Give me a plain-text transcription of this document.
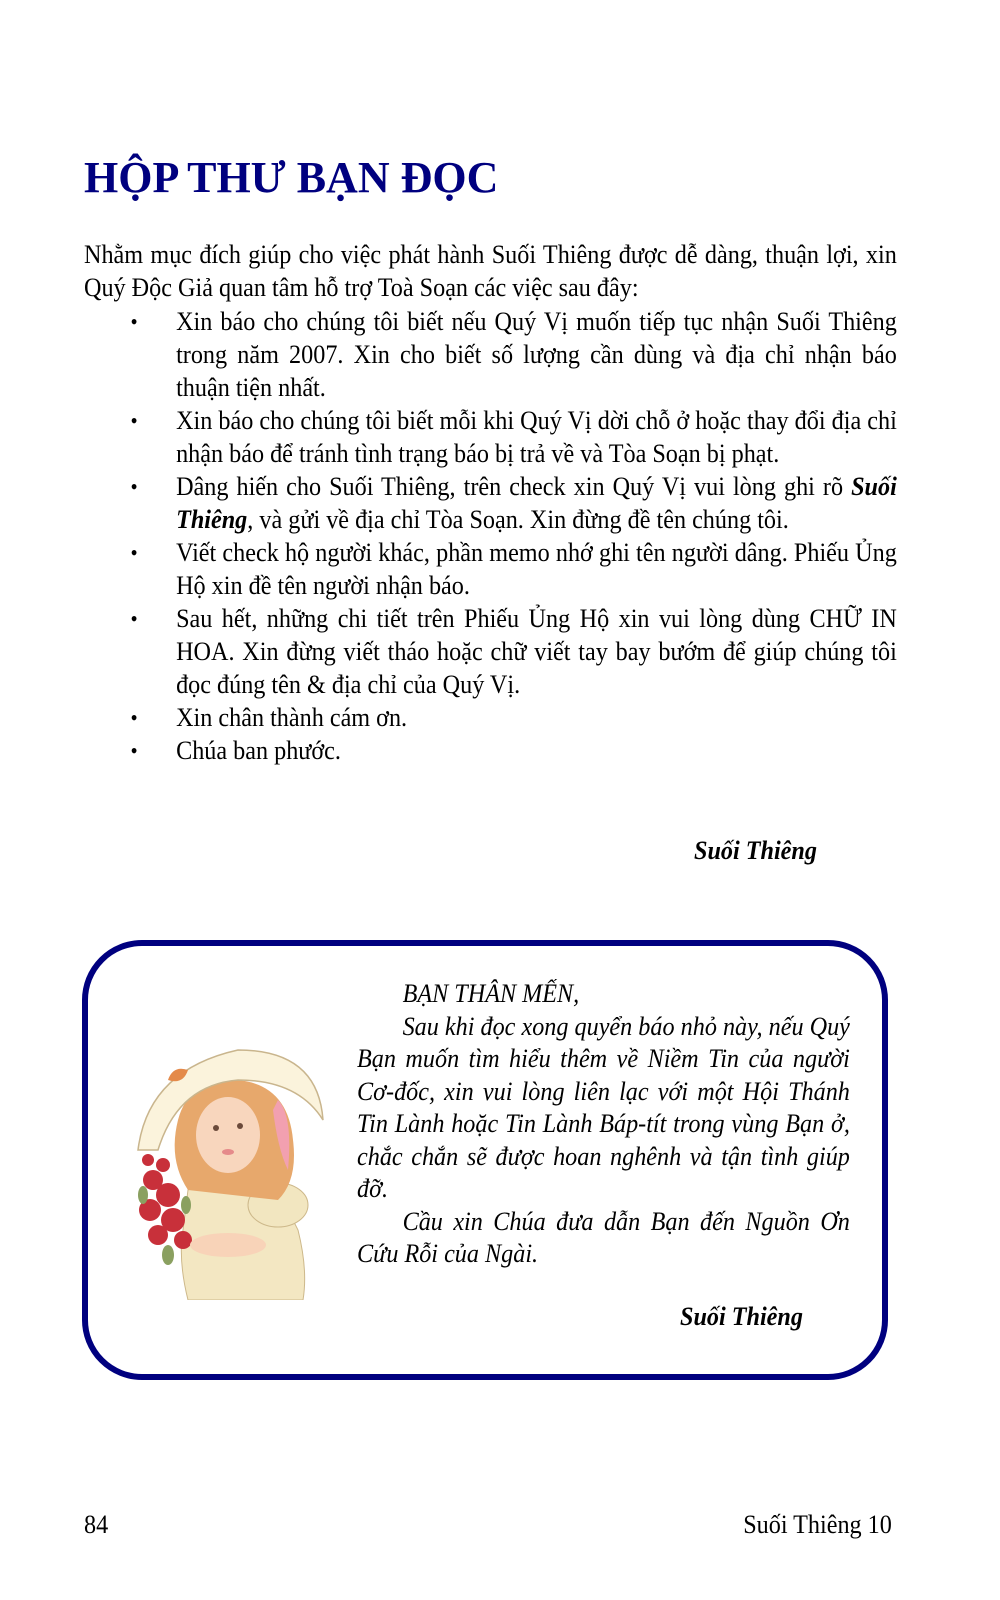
HỘP THƯ BẠN ĐỌC
Nhằm mục đích giúp cho việc phát hành Suối Thiêng được dễ dàng, thuận lợi, xin Quý Độc Giả quan tâm hỗ trợ Toà Soạn các việc sau đây:
• Xin báo cho chúng tôi biết nếu Quý Vị muốn tiếp tục nhận Suối Thiêng trong năm 2007. Xin cho biết số lượng cần dùng và địa chỉ nhận báo thuận tiện nhất.
• Xin báo cho chúng tôi biết mỗi khi Quý Vị dời chỗ ở hoặc thay đổi địa chỉ nhận báo để tránh tình trạng báo bị trả về và Tòa Soạn bị phạt.
• Dâng hiến cho Suối Thiêng, trên check xin Quý Vị vui lòng ghi rõ Suối Thiêng, và gửi về địa chỉ Tòa Soạn. Xin đừng đề tên chúng tôi.
• Viết check hộ người khác, phần memo nhớ ghi tên người dâng. Phiếu Ủng Hộ xin đề tên người nhận báo.
• Sau hết, những chi tiết trên Phiếu Ủng Hộ xin vui lòng dùng CHỮ IN HOA. Xin đừng viết tháo hoặc chữ viết tay bay bướm để giúp chúng tôi đọc đúng tên & địa chỉ của Quý Vị.
• Xin chân thành cám ơn.
• Chúa ban phước.
Suối Thiêng

BẠN THÂN MẾN,

Sau khi đọc xong quyển báo nhỏ này, nếu Quý Bạn muốn tìm hiểu thêm về Niềm Tin của người Cơ-đốc, xin vui lòng liên lạc với một Hội Thánh Tin Lành hoặc Tin Lành Báp-tít trong vùng Bạn ở, chắc chắn sẽ được hoan nghênh và tận tình giúp đỡ.

Cầu xin Chúa đưa dẫn Bạn đến Nguồn Ơn Cứu Rỗi của Ngài.

Suối Thiêng
84	Suối Thiêng 10
